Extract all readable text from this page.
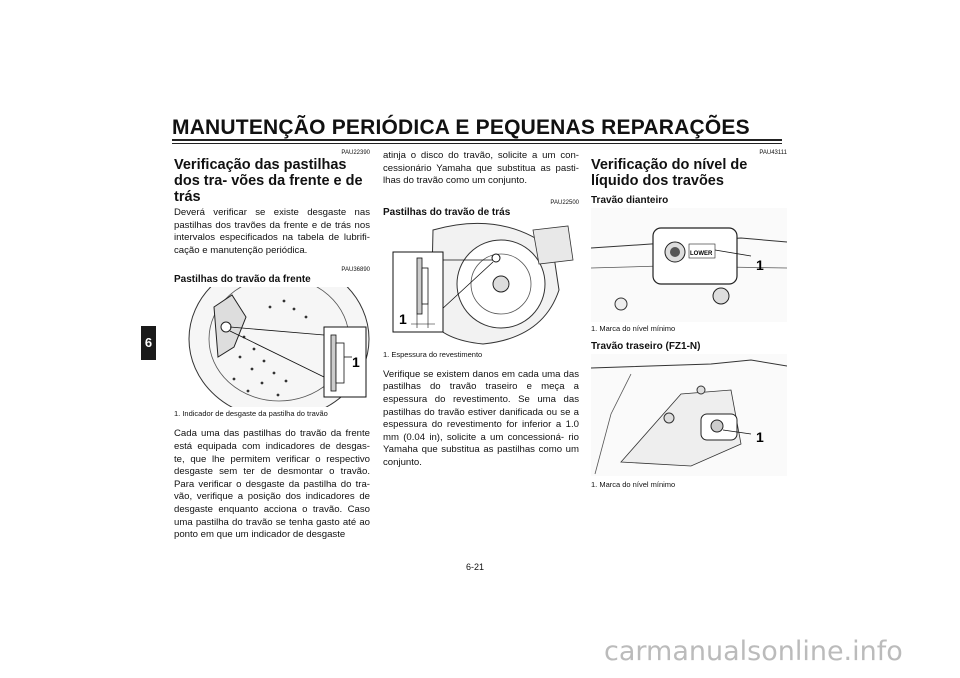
MANUTENÇÃO PERIÓDICA E PEQUENAS REPARAÇÕES
6
PAU22390
Verificação das pastilhas dos tra- vões da frente e de trás

Deverá verificar se existe desgaste nas pastilhas dos travões da frente e de trás nos intervalos especificados na tabela de lubrifi- cação e manutenção periódica.

PAU36890
Pastilhas do travão da frente
1

1. Indicador de desgaste da pastilha do travão

Cada uma das pastilhas do travão da frente está equipada com indicadores de desgas- te, que lhe permitem verificar o respectivo desgaste sem ter de desmontar o travão. Para verificar o desgaste da pastilha do tra- vão, verifique a posição dos indicadores de desgaste enquanto acciona o travão. Caso uma pastilha do travão se tenha gasto até ao ponto em que um indicador de desgaste

atinja o disco do travão, solicite a um con- cessionário Yamaha que substitua as pasti- lhas do travão como um conjunto.

PAU22500
Pastilhas do travão de trás
1

1. Espessura do revestimento

Verifique se existem danos em cada uma das pastilhas do travão traseiro e meça a espessura do revestimento. Se uma das pastilhas do travão estiver danificada ou se a espessura do revestimento for inferior a 1.0 mm (0.04 in), solicite a um concessioná- rio Yamaha que substitua as pastilhas como um conjunto.

PAU43111
Verificação do nível de líquido dos travões
Travão dianteiro
LOWER
1

1. Marca do nível mínimo

Travão traseiro (FZ1-N)
1

1. Marca do nível mínimo

6-21
carmanualsonline.info
